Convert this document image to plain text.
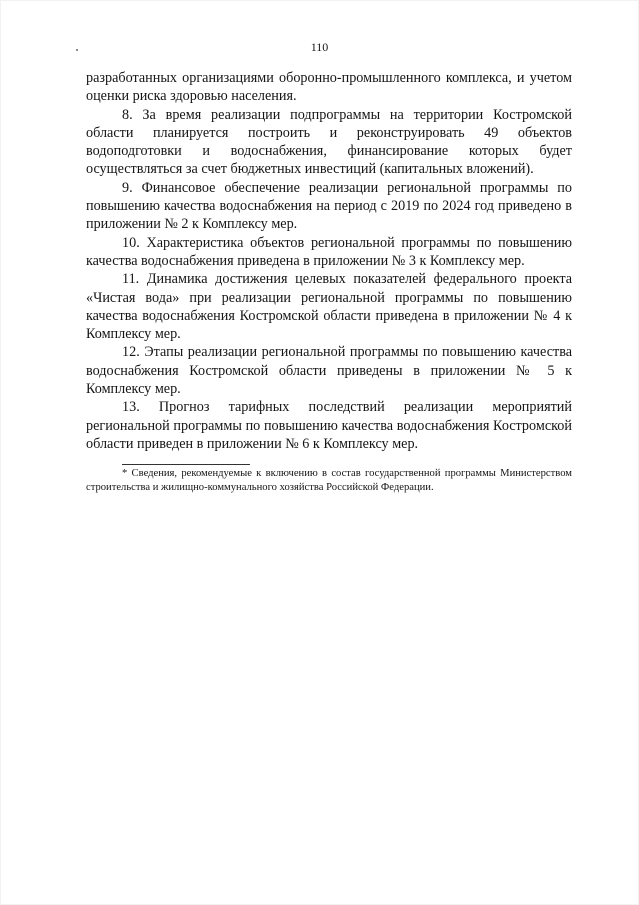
110

разработанных организациями оборонно-промышленного комплекса, и учетом оценки риска здоровью населения.

8. За время реализации подпрограммы на территории Костромской области планируется построить и реконструировать 49 объектов водоподготовки и водоснабжения, финансирование которых будет осуществляться за счет бюджетных инвестиций (капитальных вложений).

9. Финансовое обеспечение реализации региональной программы по повышению качества водоснабжения на период с 2019 по 2024 год приведено в приложении № 2 к Комплексу мер.

10. Характеристика объектов региональной программы по повышению качества водоснабжения приведена в приложении № 3 к Комплексу мер.

11. Динамика достижения целевых показателей федерального проекта «Чистая вода» при реализации региональной программы по повышению качества водоснабжения Костромской области приведена в приложении № 4 к Комплексу мер.

12. Этапы реализации региональной программы по повышению качества водоснабжения Костромской области приведены в приложении № 5 к Комплексу мер.

13. Прогноз тарифных последствий реализации мероприятий региональной программы по повышению качества водоснабжения Костромской области приведен в приложении № 6 к Комплексу мер.

* Сведения, рекомендуемые к включению в состав государственной программы Министерством строительства и жилищно-коммунального хозяйства Российской Федерации.
